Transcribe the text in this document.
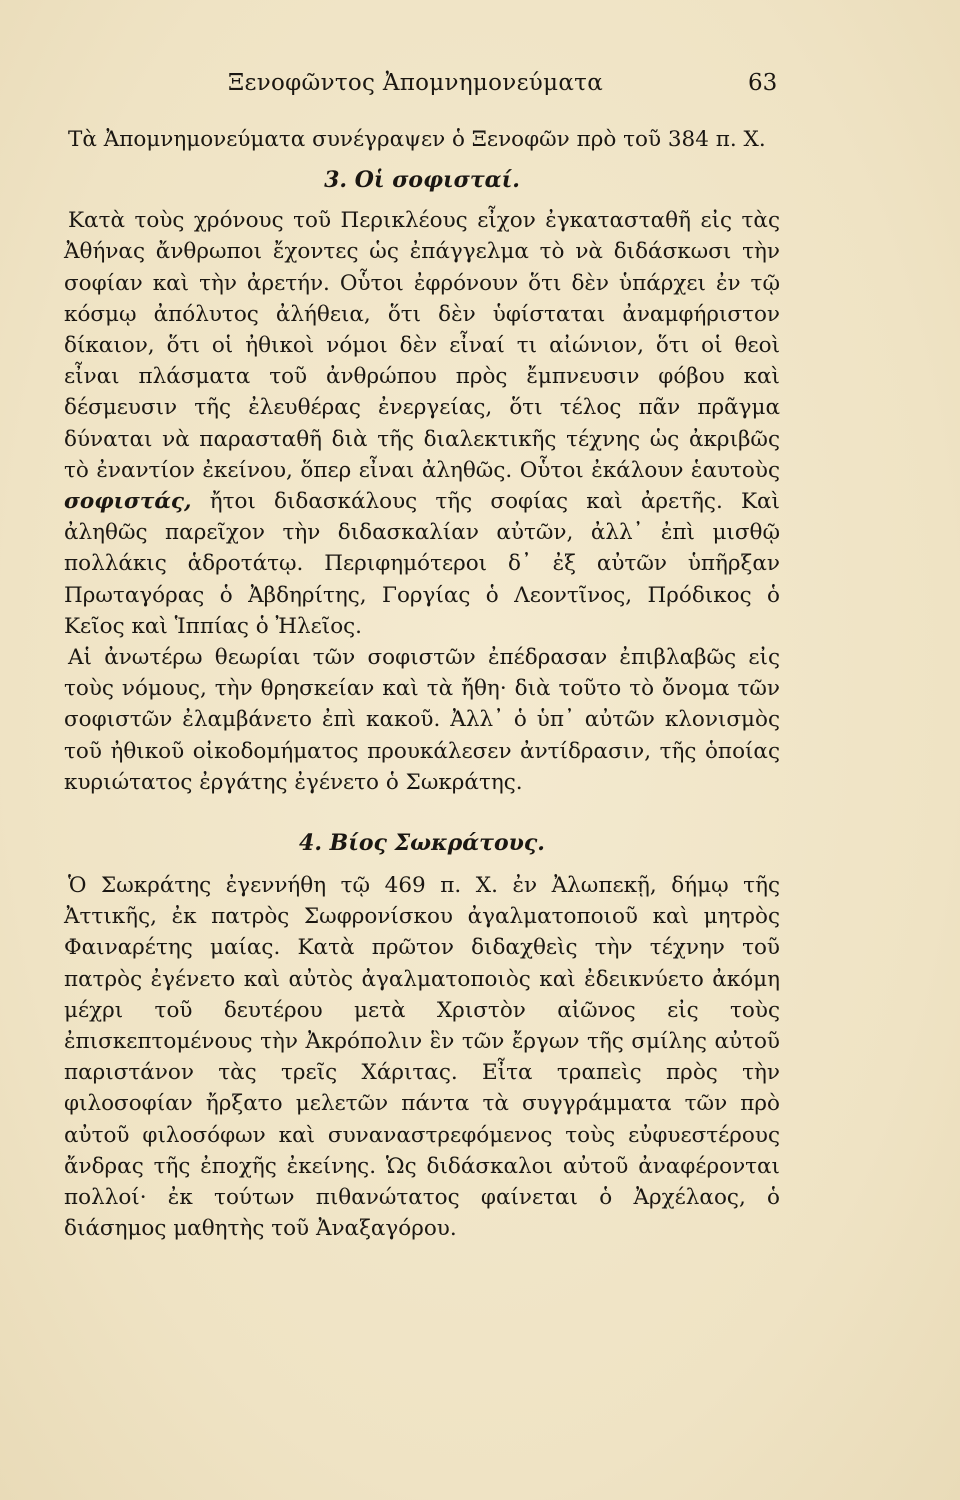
Ξενοφῶντος Ἀπομνημονεύματα	63

Τὰ Ἀπομνημονεύματα συνέγραψεν ὁ Ξενοφῶν πρὸ τοῦ 384 π. Χ.

3. Οἱ σοφισταί.

Κατὰ τοὺς χρόνους τοῦ Περικλέους εἶχον ἐγκατασταθῆ εἰς τὰς Ἀθήνας ἄνθρωποι ἔχοντες ὡς ἐπάγγελμα τὸ νὰ διδάσκωσι τὴν σοφίαν καὶ τὴν ἀρετήν. Οὗτοι ἐφρόνουν ὅτι δὲν ὑπάρχει ἐν τῷ κόσμῳ ἀπόλυτος ἀλήθεια, ὅτι δὲν ὑφίσταται ἀναμφήριστον δίκαιον, ὅτι οἱ ἠθικοὶ νόμοι δὲν εἶναί τι αἰώνιον, ὅτι οἱ θεοὶ εἶναι πλάσματα τοῦ ἀνθρώπου πρὸς ἔμπνευσιν φόβου καὶ δέσμευσιν τῆς ἐλευθέρας ἐνεργείας, ὅτι τέλος πᾶν πρᾶγμα δύναται νὰ παρασταθῆ διὰ τῆς διαλεκτικῆς τέχνης ὡς ἀκριβῶς τὸ ἐναντίον ἐκείνου, ὅπερ εἶναι ἀληθῶς. Οὗτοι ἐκάλουν ἑαυτοὺς σοφιστάς, ἤτοι διδασκάλους τῆς σοφίας καὶ ἀρετῆς. Καὶ ἀληθῶς παρεῖχον τὴν διδασκαλίαν αὐτῶν, ἀλλ᾽ ἐπὶ μισθῷ πολλάκις ἁδροτάτῳ. Περιφημότεροι δ᾽ ἐξ αὐτῶν ὑπῆρξαν Πρωταγόρας ὁ Ἀβδηρίτης, Γοργίας ὁ Λεοντῖνος, Πρόδικος ὁ Κεῖος καὶ Ἱππίας ὁ Ἠλεῖος.

Αἱ ἀνωτέρω θεωρίαι τῶν σοφιστῶν ἐπέδρασαν ἐπιβλαβῶς εἰς τοὺς νόμους, τὴν θρησκείαν καὶ τὰ ἤθη· διὰ τοῦτο τὸ ὄνομα τῶν σοφιστῶν ἐλαμβάνετο ἐπὶ κακοῦ. Ἀλλ᾽ ὁ ὑπ᾽ αὐτῶν κλονισμὸς τοῦ ἠθικοῦ οἰκοδομήματος προυκάλεσεν ἀντίδρασιν, τῆς ὁποίας κυριώτατος ἐργάτης ἐγένετο ὁ Σωκράτης.

4. Βίος Σωκράτους.

Ὁ Σωκράτης ἐγεννήθη τῷ 469 π. Χ. ἐν Ἀλωπεκῇ, δήμῳ τῆς Ἀττικῆς, ἐκ πατρὸς Σωφρονίσκου ἀγαλματοποιοῦ καὶ μητρὸς Φαιναρέτης μαίας. Κατὰ πρῶτον διδαχθεὶς τὴν τέχνην τοῦ πατρὸς ἐγένετο καὶ αὐτὸς ἀγαλματοποιὸς καὶ ἐδεικνύετο ἀκόμη μέχρι τοῦ δευτέρου μετὰ Χριστὸν αἰῶνος εἰς τοὺς ἐπισκεπτομένους τὴν Ἀκρόπολιν ἓν τῶν ἔργων τῆς σμίλης αὐτοῦ παριστάνον τὰς τρεῖς Χάριτας. Εἶτα τραπεὶς πρὸς τὴν φιλοσοφίαν ἤρξατο μελετῶν πάντα τὰ συγγράμματα τῶν πρὸ αὐτοῦ φιλοσόφων καὶ συναναστρεφόμενος τοὺς εὐφυεστέρους ἄνδρας τῆς ἐποχῆς ἐκείνης. Ὡς διδάσκαλοι αὐτοῦ ἀναφέρονται πολλοί· ἐκ τούτων πιθανώτατος φαίνεται ὁ Ἀρχέλαος, ὁ διάσημος μαθητὴς τοῦ Ἀναξαγόρου.
